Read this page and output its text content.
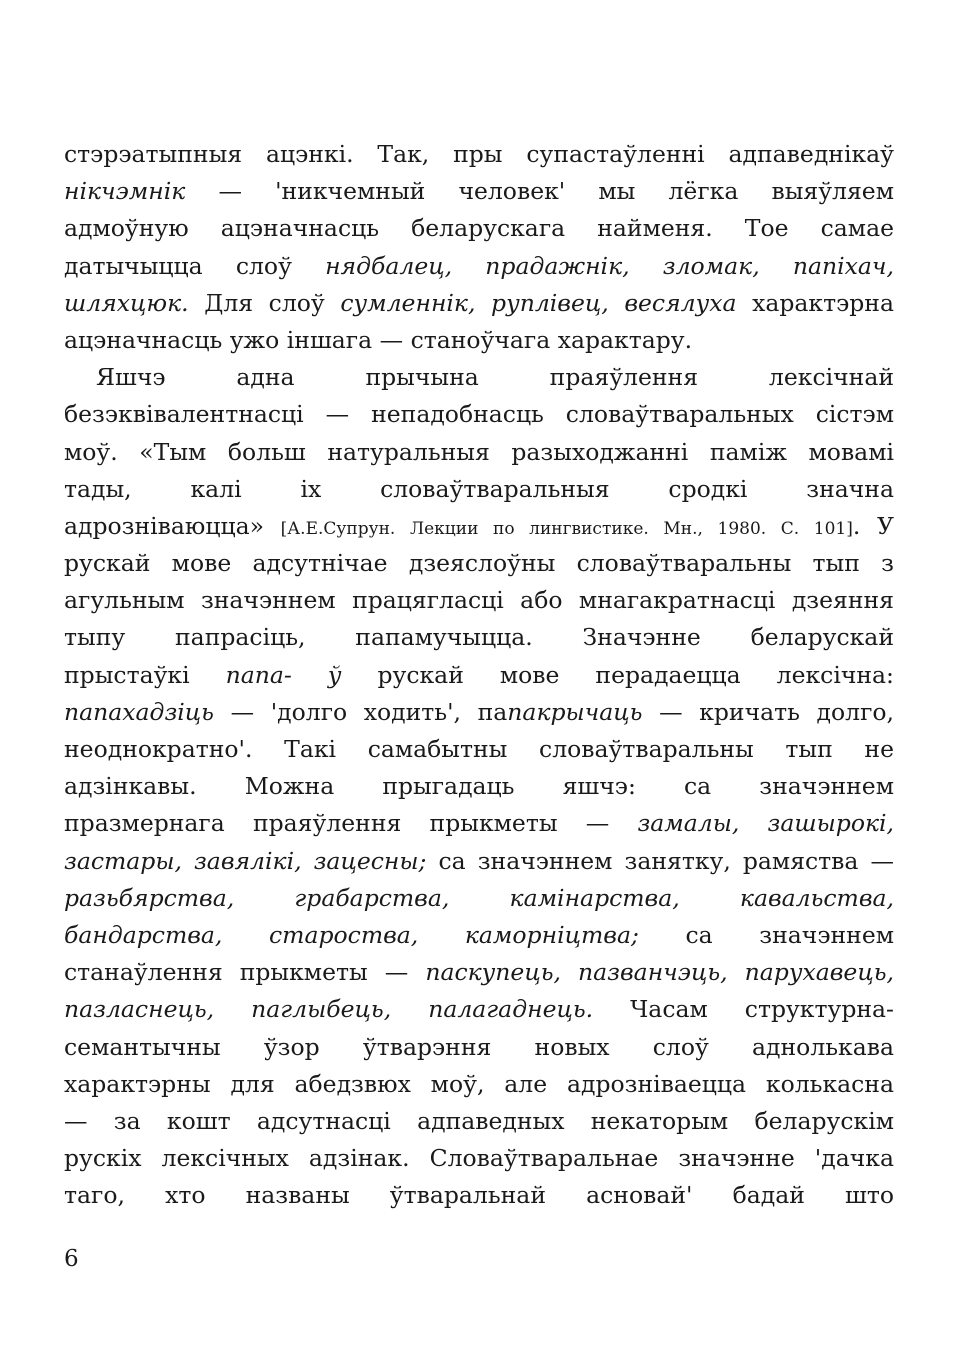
стэрэатыпныя ацэнкі. Так, пры супастаўленні адпаведнікаў
нікчэмнік — 'никчемный человек' мы лёгка выяўляем
адмоўную ацэначнасць беларускага найменя. Тое самае
датычыцца слоў нядбалец, прадажнік, зломак, папіхач,
шляхцюк. Для слоў сумленнік, руплівец, весялуха характэрна
ацэначнасць ужо іншага — станоўчага характару.
Яшчэ адна прычына праяўлення лексічнай
безэквівалентнасці — непадобнасць словаўтваральных сістэм
моў. «Тым больш натуральныя разыходжанні паміж мовамі
тады, калі іх словаўтваральныя сродкі значна
адрозніваюцца» [А.Е.Супрун. Лекции по лингвистике. Мн., 1980. С. 101]. У
рускай мове адсутнічае дзеяслоўны словаўтваральны тып з
агульным значэннем працягласці або мнагакратнасці дзеяння
тыпу папрасіць, папамучыцца. Значэнне беларускай
прыстаўкі папа- ў рускай мове перадаецца лексічна:
папахадзіць — 'долго ходить', папакрычаць — кричать долго,
неоднократно'. Такі самабытны словаўтваральны тып не
адзінкавы. Можна прыгадаць яшчэ: са значэннем
празмернага праяўлення прыкметы — замалы, зашырокі,
застары, завялікі, зацесны; са значэннем занятку, рамяства —
разьбярства, грабарства, камінарства, кавальства,
бандарства, староства, каморніцтва; са значэннем
станаўлення прыкметы — паскупець, пазванчэць, парухавець,
пазласнець, паглыбець, палагаднець. Часам структурна-
семантычны ўзор ўтварэння новых слоў аднолькава
характэрны для абедзвюх моў, але адрозніваецца колькасна
— за кошт адсутнасці адпаведных некаторым беларускім
рускіх лексічных адзінак. Словаўтваральнае значэнне 'дачка
таго, хто названы ўтваральнай асновай' бадай што
6
